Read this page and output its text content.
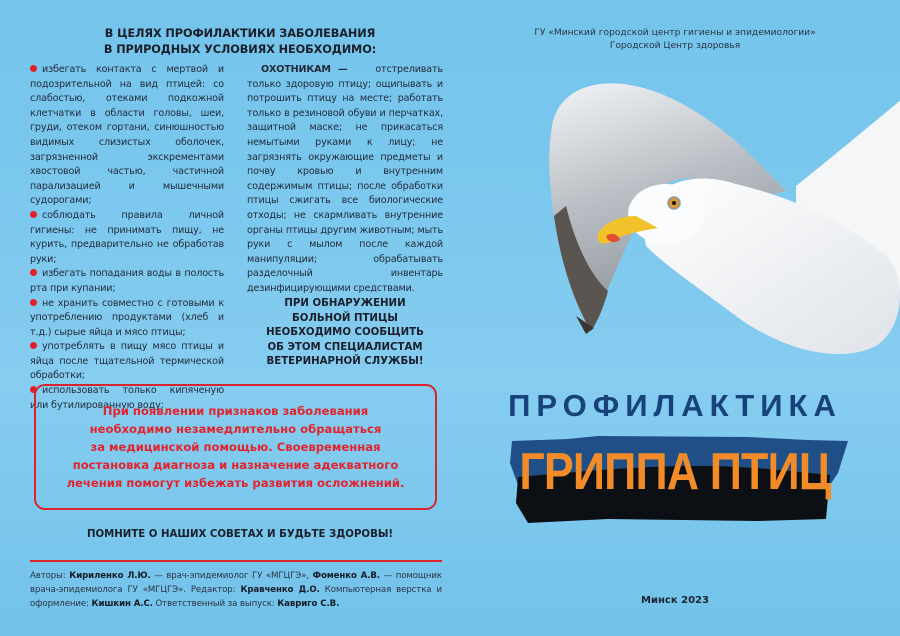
В ЦЕЛЯХ ПРОФИЛАКТИКИ ЗАБОЛЕВАНИЯ
В ПРИРОДНЫХ УСЛОВИЯХ НЕОБХОДИМО:
избегать контакта с мертвой и подозрительной на вид птицей: со слабостью, отеками подкожной клетчатки в области головы, шеи, груди, отеком гортани, синюшностью видимых слизистых оболочек, загрязненной экскрементами хвостовой частью, частичной парализацией и мышечными судорогами;
соблюдать правила личной гигиены: не принимать пищу, не курить, предварительно не обработав руки;
избегать попадания воды в полость рта при купании;
не хранить совместно с готовыми к употреблению продуктами (хлеб и т.д.) сырые яйца и мясо птицы;
употреблять в пищу мясо птицы и яйца после тщательной термической обработки;
использовать только кипяченую или бутилированную воду;
ОХОТНИКАМ —	отстреливать только здоровую птицу; ощипывать и потрошить птицу на месте; работать только в резиновой обуви и перчатках, защитной маске; не прикасаться немытыми руками к лицу; не загрязнять окружающие предметы и почву кровью и внутренним содержимым птицы; после обработки птицы сжигать все биологические отходы; не скармливать внутренние органы птицы другим животным; мыть руки с мылом после каждой манипуляции; обрабатывать разделочный инвентарь дезинфицирующими средствами.
ПРИ ОБНАРУЖЕНИИ
БОЛЬНОЙ ПТИЦЫ
НЕОБХОДИМО СООБЩИТЬ
ОБ ЭТОМ СПЕЦИАЛИСТАМ
ВЕТЕРИНАРНОЙ СЛУЖБЫ!
При появлении признаков заболевания
необходимо незамедлительно обращаться
за медицинской помощью. Своевременная
постановка диагноза и назначение адекватного
лечения помогут избежать развития осложнений.
ПОМНИТЕ О НАШИХ СОВЕТАХ И БУДЬТЕ ЗДОРОВЫ!
Авторы: Кириленко Л.Ю. — врач-эпидемиолог ГУ «МГЦГЭ», Фоменко А.В. — помощник врача-эпидемиолога ГУ «МГЦГЭ». Редактор: Кравченко Д.О. Компьютерная верстка и оформление: Кишкин А.С. Ответственный за выпуск: Кавриго С.В.
ГУ «Минский городской центр гигиены и эпидемиологии»
Городской Центр здоровья
ПРОФИЛАКТИКА
ГРИППА ПТИЦ
Минск 2023
